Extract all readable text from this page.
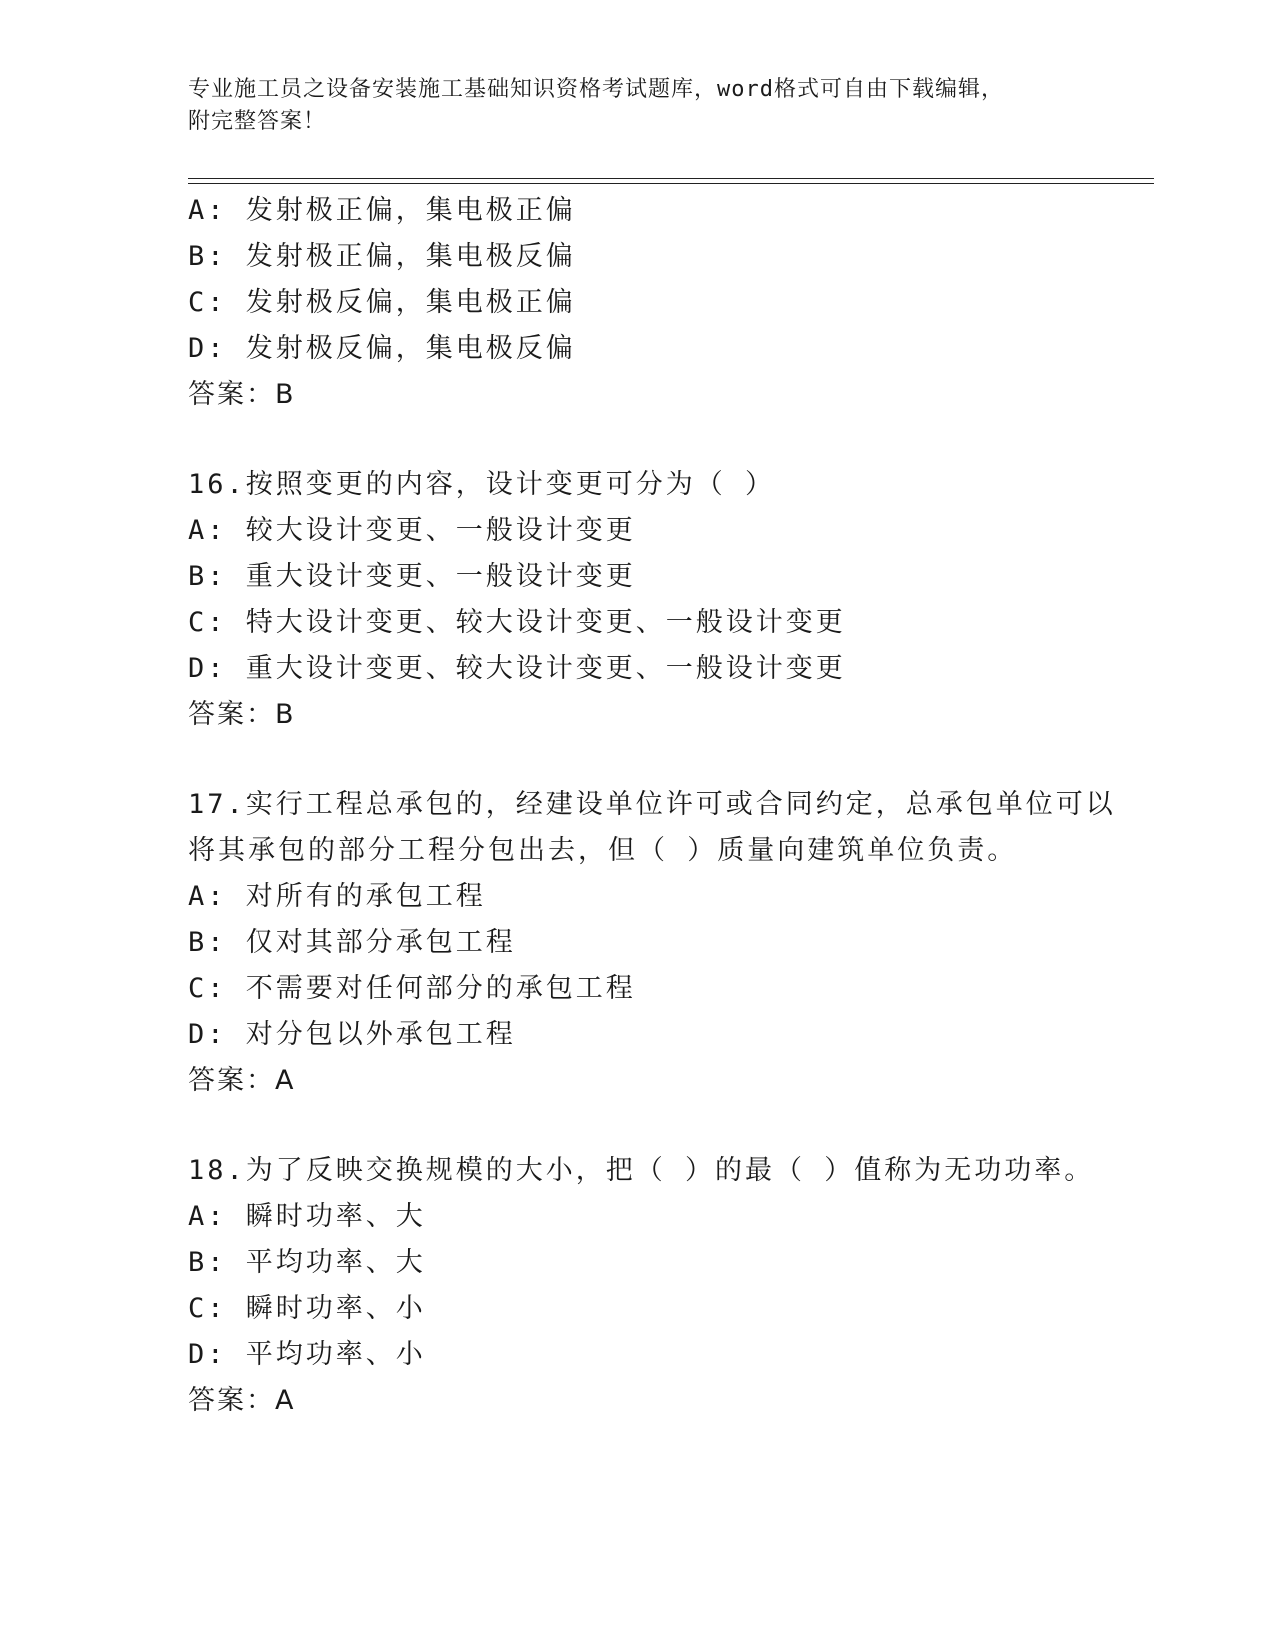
专业施工员之设备安装施工基础知识资格考试题库，word格式可自由下载编辑，
附完整答案！
A: 发射极正偏，集电极正偏
B: 发射极正偏，集电极反偏
C: 发射极反偏，集电极正偏
D: 发射极反偏，集电极反偏
答案：B
16.按照变更的内容，设计变更可分为（ ）
A: 较大设计变更、一般设计变更
B: 重大设计变更、一般设计变更
C: 特大设计变更、较大设计变更、一般设计变更
D: 重大设计变更、较大设计变更、一般设计变更
答案：B
17.实行工程总承包的，经建设单位许可或合同约定，总承包单位可以
将其承包的部分工程分包出去，但（ ）质量向建筑单位负责。
A: 对所有的承包工程
B: 仅对其部分承包工程
C: 不需要对任何部分的承包工程
D: 对分包以外承包工程
答案：A
18.为了反映交换规模的大小，把（ ）的最（ ）值称为无功功率。
A: 瞬时功率、大
B: 平均功率、大
C: 瞬时功率、小
D: 平均功率、小
答案：A
